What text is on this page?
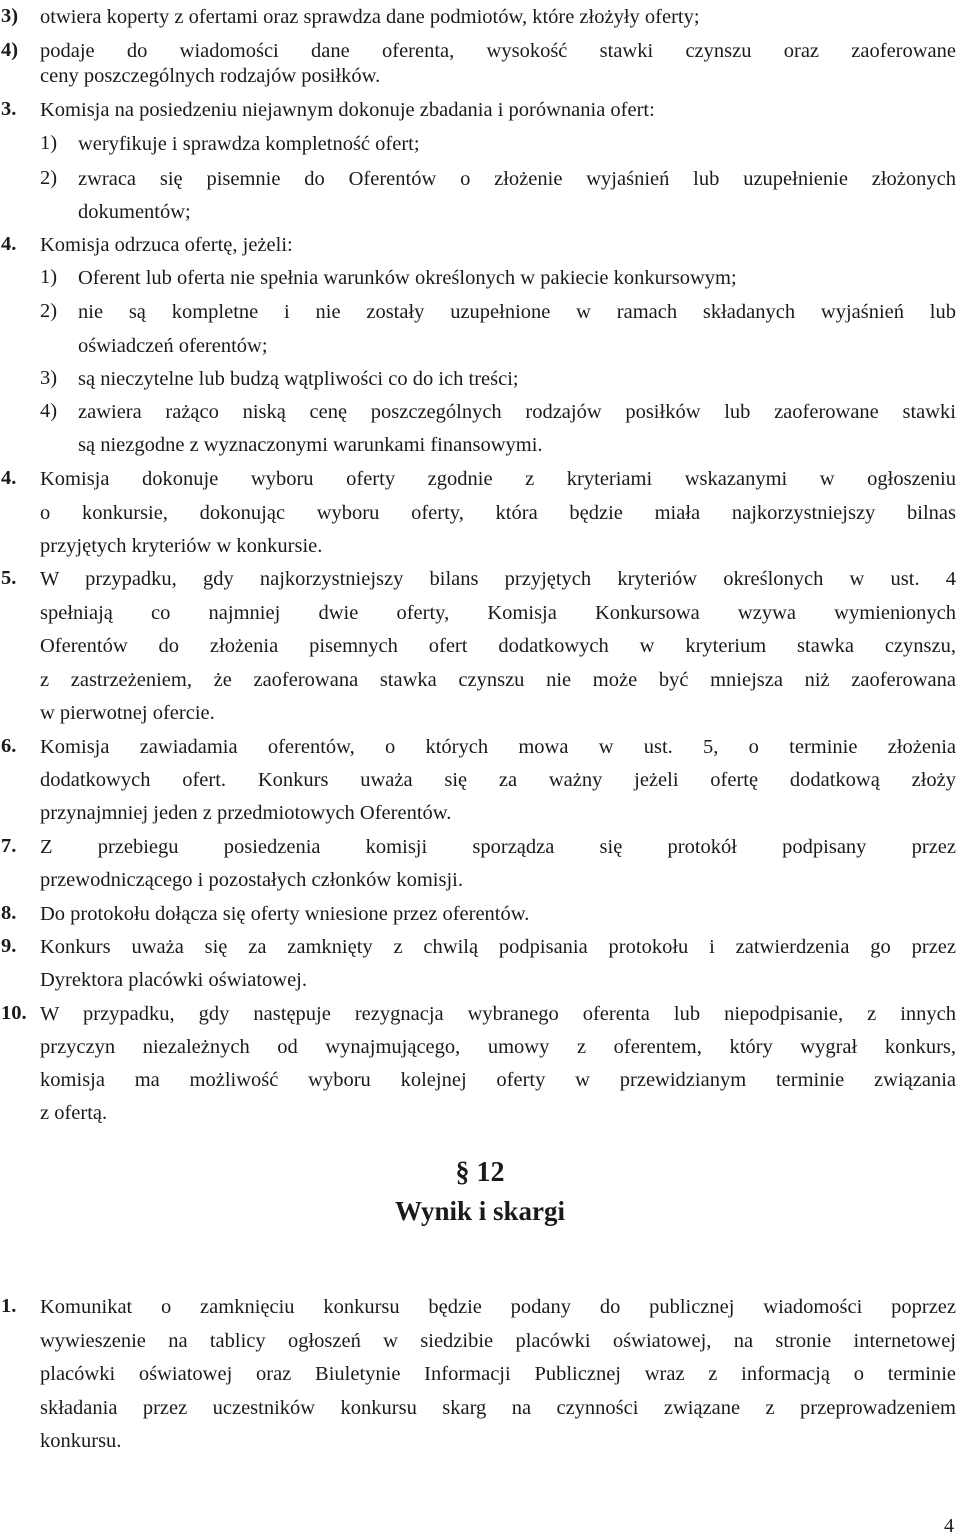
3) otwiera koperty z ofertami oraz sprawdza dane podmiotów, które złożyły oferty;
4) podaje do wiadomości dane oferenta, wysokość stawki czynszu oraz zaoferowane
ceny poszczególnych rodzajów posiłków.
3. Komisja na posiedzeniu niejawnym dokonuje zbadania i porównania ofert:
1) weryfikuje i sprawdza kompletność ofert;
2) zwraca się pisemnie do Oferentów o złożenie wyjaśnień lub uzupełnienie złożonych
dokumentów;
4. Komisja odrzuca ofertę, jeżeli:
1) Oferent lub oferta nie spełnia warunków określonych w pakiecie konkursowym;
2) nie są kompletne i nie zostały uzupełnione w ramach składanych wyjaśnień lub
oświadczeń oferentów;
3) są nieczytelne lub budzą wątpliwości co do ich treści;
4) zawiera rażąco niską cenę poszczególnych rodzajów posiłków lub zaoferowane stawki
są niezgodne z wyznaczonymi warunkami finansowymi.
4. Komisja dokonuje wyboru oferty zgodnie z kryteriami wskazanymi w ogłoszeniu
o konkursie, dokonując wyboru oferty, która będzie miała najkorzystniejszy bilnas
przyjętych kryteriów w konkursie.
5. W przypadku, gdy najkorzystniejszy bilans przyjętych kryteriów określonych w ust. 4
spełniają co najmniej dwie oferty, Komisja Konkursowa wzywa wymienionych
Oferentów do złożenia pisemnych ofert dodatkowych w kryterium stawka czynszu,
z zastrzeżeniem, że zaoferowana stawka czynszu nie może być mniejsza niż zaoferowana
w pierwotnej ofercie.
6. Komisja zawiadamia oferentów, o których mowa w ust. 5, o terminie złożenia
dodatkowych ofert. Konkurs uważa się za ważny jeżeli ofertę dodatkową złoży
przynajmniej jeden z przedmiotowych Oferentów.
7. Z przebiegu posiedzenia komisji sporządza się protokół podpisany przez
przewodniczącego i pozostałych członków komisji.
8. Do protokołu dołącza się oferty wniesione przez oferentów.
9. Konkurs uważa się za zamknięty z chwilą podpisania protokołu i zatwierdzenia go przez
Dyrektora placówki oświatowej.
10. W przypadku, gdy następuje rezygnacja wybranego oferenta lub niepodpisanie, z innych
przyczyn niezależnych od wynajmującego, umowy z oferentem, który wygrał konkurs,
komisja ma możliwość wyboru kolejnej oferty w przewidzianym terminie związania
z ofertą.
§ 12
Wynik i skargi
1. Komunikat o zamknięciu konkursu będzie podany do publicznej wiadomości poprzez
wywieszenie na tablicy ogłoszeń w siedzibie placówki oświatowej, na stronie internetowej
placówki oświatowej oraz Biuletynie Informacji Publicznej wraz z informacją o terminie
składania przez uczestników konkursu skarg na czynności związane z przeprowadzeniem
konkursu.
4
